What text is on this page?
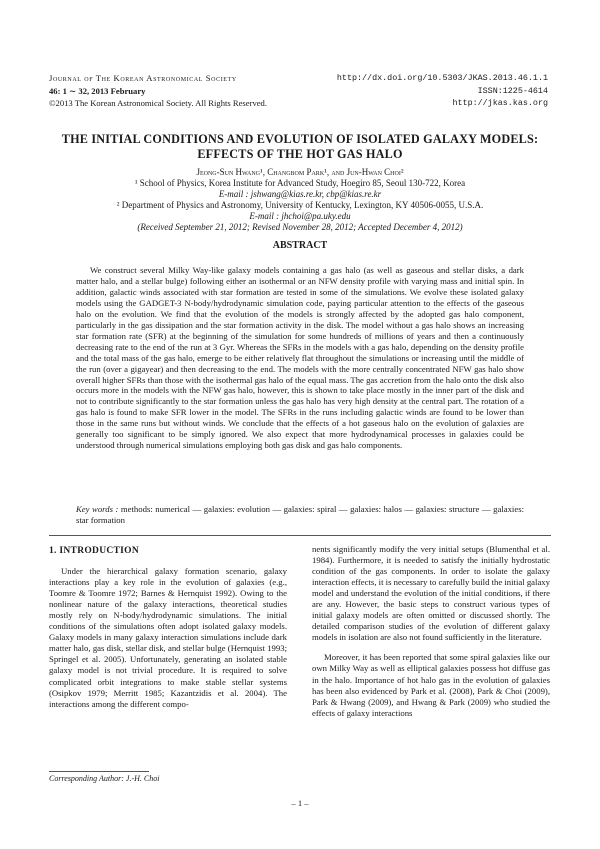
Journal of The Korean Astronomical Society
46: 1 ∼ 32, 2013 February
©2013 The Korean Astronomical Society. All Rights Reserved.
http://dx.doi.org/10.5303/JKAS.2013.46.1.1
ISSN:1225-4614
http://jkas.kas.org
THE INITIAL CONDITIONS AND EVOLUTION OF ISOLATED GALAXY MODELS: EFFECTS OF THE HOT GAS HALO
Jeong-Sun Hwang¹, Changbom Park¹, and Jun-Hwan Choi²
¹ School of Physics, Korea Institute for Advanced Study, Hoegiro 85, Seoul 130-722, Korea
E-mail : jshwang@kias.re.kr, cbp@kias.re.kr
² Department of Physics and Astronomy, University of Kentucky, Lexington, KY 40506-0055, U.S.A.
E-mail : jhchoi@pa.uky.edu
(Received September 21, 2012; Revised November 28, 2012; Accepted December 4, 2012)
ABSTRACT
We construct several Milky Way-like galaxy models containing a gas halo (as well as gaseous and stellar disks, a dark matter halo, and a stellar bulge) following either an isothermal or an NFW density profile with varying mass and initial spin. In addition, galactic winds associated with star formation are tested in some of the simulations. We evolve these isolated galaxy models using the GADGET-3 N-body/hydrodynamic simulation code, paying particular attention to the effects of the gaseous halo on the evolution. We find that the evolution of the models is strongly affected by the adopted gas halo component, particularly in the gas dissipation and the star formation activity in the disk. The model without a gas halo shows an increasing star formation rate (SFR) at the beginning of the simulation for some hundreds of millions of years and then a continuously decreasing rate to the end of the run at 3 Gyr. Whereas the SFRs in the models with a gas halo, depending on the density profile and the total mass of the gas halo, emerge to be either relatively flat throughout the simulations or increasing until the middle of the run (over a gigayear) and then decreasing to the end. The models with the more centrally concentrated NFW gas halo show overall higher SFRs than those with the isothermal gas halo of the equal mass. The gas accretion from the halo onto the disk also occurs more in the models with the NFW gas halo, however, this is shown to take place mostly in the inner part of the disk and not to contribute significantly to the star formation unless the gas halo has very high density at the central part. The rotation of a gas halo is found to make SFR lower in the model. The SFRs in the runs including galactic winds are found to be lower than those in the same runs but without winds. We conclude that the effects of a hot gaseous halo on the evolution of galaxies are generally too significant to be simply ignored. We also expect that more hydrodynamical processes in galaxies could be understood through numerical simulations employing both gas disk and gas halo components.
Key words : methods: numerical — galaxies: evolution — galaxies: spiral — galaxies: halos — galaxies: structure — galaxies: star formation
1. INTRODUCTION

Under the hierarchical galaxy formation scenario, galaxy interactions play a key role in the evolution of galaxies (e.g., Toomre & Toomre 1972; Barnes & Hernquist 1992). Owing to the nonlinear nature of the galaxy interactions, theoretical studies mostly rely on N-body/hydrodynamic simulations. The initial conditions of the simulations often adopt isolated galaxy models. Galaxy models in many galaxy interaction simulations include dark matter halo, gas disk, stellar disk, and stellar bulge (Hernquist 1993; Springel et al. 2005). Unfortunately, generating an isolated stable galaxy model is not trivial procedure. It is required to solve complicated orbit integrations to make stable stellar systems (Osipkov 1979; Merritt 1985; Kazantzidis et al. 2004). The interactions among the different compo-

nents significantly modify the very initial setups (Blumenthal et al. 1984). Furthermore, it is needed to satisfy the initially hydrostatic condition of the gas components. In order to isolate the galaxy interaction effects, it is necessary to carefully build the initial galaxy model and understand the evolution of the initial conditions, if there are any. However, the basic steps to construct various types of initial galaxy models are often omitted or discussed shortly. The detailed comparison studies of the evolution of different galaxy models in isolation are also not found sufficiently in the literature.

Moreover, it has been reported that some spiral galaxies like our own Milky Way as well as elliptical galaxies possess hot diffuse gas in the halo. Importance of hot halo gas in the evolution of galaxies has been also evidenced by Park et al. (2008), Park & Choi (2009), Park & Hwang (2009), and Hwang & Park (2009) who studied the effects of galaxy interactions

Corresponding Author: J.-H. Choi
– 1 –
